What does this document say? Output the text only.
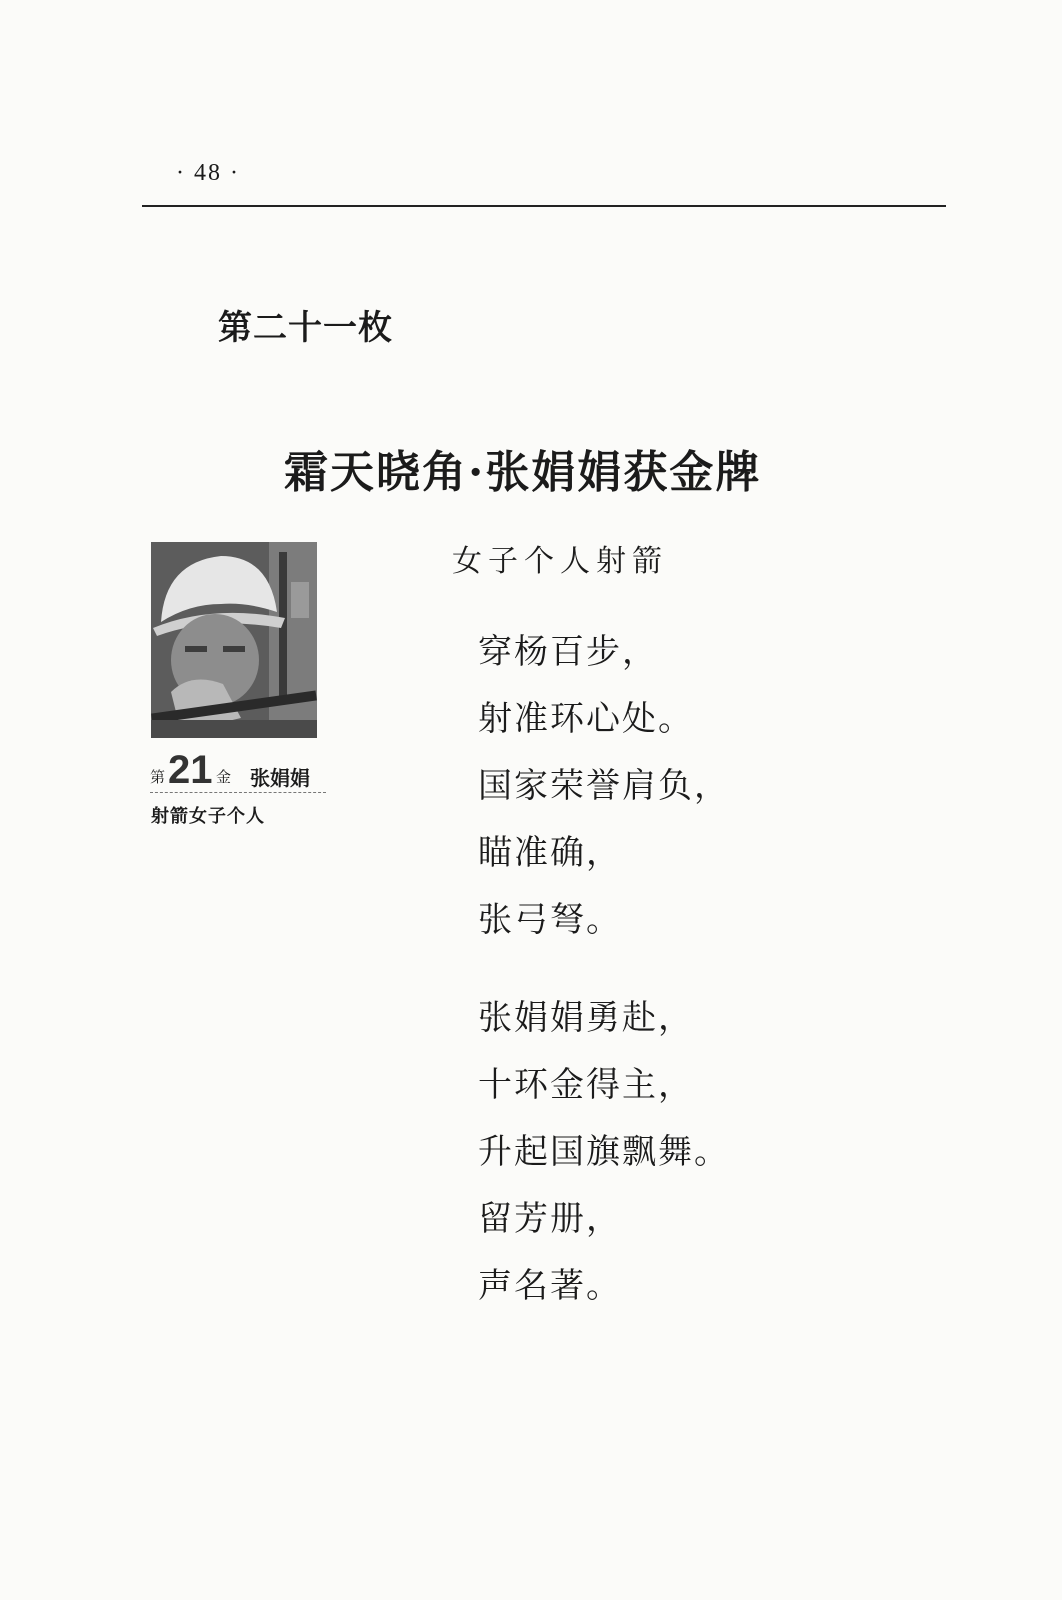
· 48 ·
第二十一枚
霜天晓角·张娟娟获金牌
女子个人射箭
第 21 金 张娟娟
射箭女子个人
穿杨百步，
射准环心处。
国家荣誉肩负，
瞄准确，
张弓弩。
张娟娟勇赴，
十环金得主，
升起国旗飘舞。
留芳册，
声名著。
